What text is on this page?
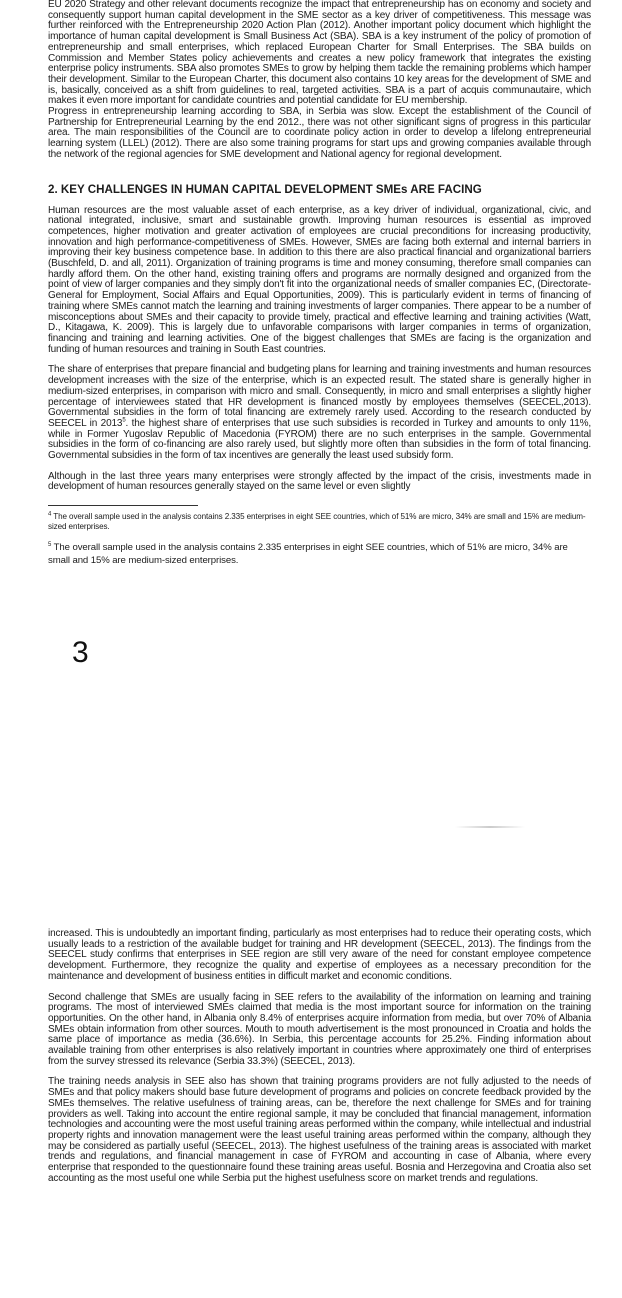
EU 2020 Strategy and other relevant documents recognize the impact that entrepreneurship has on economy and society and consequently support human capital development in the SME sector as a key driver of competitiveness. This message was further reinforced with the Entrepreneurship 2020 Action Plan (2012). Another important policy document which highlight the importance of human capital development is Small Business Act (SBA). SBA is a key instrument of the policy of promotion of entrepreneurship and small enterprises, which replaced European Charter for Small Enterprises. The SBA builds on Commission and Member States policy achievements and creates a new policy framework that integrates the existing enterprise policy instruments. SBA also promotes SMEs to grow by helping them tackle the remaining problems which hamper their development. Similar to the European Charter, this document also contains 10 key areas for the development of SME and is, basically, conceived as a shift from guidelines to real, targeted activities. SBA is a part of acquis communautaire, which makes it even more important for candidate countries and potential candidate for EU membership.

Progress in entrepreneurship learning according to SBA, in Serbia was slow. Except the establishment of the Council of Partnership for Entrepreneurial Learning by the end 2012., there was not other significant signs of progress in this particular area. The main responsibilities of the Council are to coordinate policy action in order to develop a lifelong entrepreneurial learning system (LLEL) (2012). There are also some training programs for start ups and growing companies available through the network of the regional agencies for SME development and National agency for regional development.

2. KEY CHALLENGES IN HUMAN CAPITAL DEVELOPMENT SMEs ARE FACING

Human resources are the most valuable asset of each enterprise, as a key driver of individual, organizational, civic, and national integrated, inclusive, smart and sustainable growth. Improving human resources is essential as improved competences, higher motivation and greater activation of employees are crucial preconditions for increasing productivity, innovation and high performance-competitiveness of SMEs. However, SMEs are facing both external and internal barriers in improving their key business competence base. In addition to this there are also practical financial and organizational barriers (Buschfeld, D. and all, 2011). Organization of training programs is time and money consuming, therefore small companies can hardly afford them. On the other hand, existing training offers and programs are normally designed and organized from the point of view of larger companies and they simply don't fit into the organizational needs of smaller companies EC, (Directorate-General for Employment, Social Affairs and Equal Opportunities, 2009). This is particularly evident in terms of financing of training where SMEs cannot match the learning and training investments of larger companies. There appear to be a number of misconceptions about SMEs and their capacity to provide timely, practical and effective learning and training activities (Watt, D., Kitagawa, K. 2009). This is largely due to unfavorable comparisons with larger companies in terms of organization, financing and training and learning activities. One of the biggest challenges that SMEs are facing is the organization and funding of human resources and training in South East countries.

The share of enterprises that prepare financial and budgeting plans for learning and training investments and human resources development increases with the size of the enterprise, which is an expected result. The stated share is generally higher in medium-sized enterprises, in comparison with micro and small. Consequently, in micro and small enterprises a slightly higher percentage of interviewees stated that HR development is financed mostly by employees themselves (SEECEL,2013). Governmental subsidies in the form of total financing are extremely rarely used. According to the research conducted by SEECEL in 2013$^5$. the highest share of enterprises that use such subsidies is recorded in Turkey and amounts to only 11%, while in Former Yugoslav Republic of Macedonia (FYROM) there are no such enterprises in the sample. Governmental subsidies in the form of co-financing are also rarely used, but slightly more often than subsidies in the form of total financing. Governmental subsidies in the form of tax incentives are generally the least used subsidy form.

Although in the last three years many enterprises were strongly affected by the impact of the crisis, investments made in development of human resources generally stayed on the same level or even slightly

$^4$ The overall sample used in the analysis contains 2.335 enterprises in eight SEE countries, which of 51% are micro, 34% are small and 15% are medium-sized enterprises.

$^5$ The overall sample used in the analysis contains 2.335 enterprises in eight SEE countries, which of 51% are micro, 34% are small and 15% are medium-sized enterprises.

3

increased. This is undoubtedly an important finding, particularly as most enterprises had to reduce their operating costs, which usually leads to a restriction of the available budget for training and HR development (SEECEL, 2013). The findings from the SEECEL study confirms that enterprises in SEE region are still very aware of the need for constant employee competence development. Furthermore, they recognize the quality and expertise of employees as a necessary precondition for the maintenance and development of business entities in difficult market and economic conditions.

Second challenge that SMEs are usually facing in SEE refers to the availability of the information on learning and training programs. The most of interviewed SMEs claimed that media is the most important source for information on the training opportunities. On the other hand, in Albania only 8.4% of enterprises acquire information from media, but over 70% of Albania SMEs obtain information from other sources. Mouth to mouth advertisement is the most pronounced in Croatia and holds the same place of importance as media (36.6%). In Serbia, this percentage accounts for 25.2%. Finding information about available training from other enterprises is also relatively important in countries where approximately one third of enterprises from the survey stressed its relevance (Serbia 33.3%) (SEECEL, 2013).

The training needs analysis in SEE also has shown that training programs providers are not fully adjusted to the needs of SMEs and that policy makers should base future development of programs and policies on concrete feedback provided by the SMEs themselves. The relative usefulness of training areas, can be, therefore the next challenge for SMEs and for training providers as well. Taking into account the entire regional sample, it may be concluded that financial management, information technologies and accounting were the most useful training areas performed within the company, while intellectual and industrial property rights and innovation management were the least useful training areas performed within the company, although they may be considered as partially useful (SEECEL, 2013). The highest usefulness of the training areas is associated with market trends and regulations, and financial management in case of FYROM and accounting in case of Albania, where every enterprise that responded to the questionnaire found these training areas useful. Bosnia and Herzegovina and Croatia also set accounting as the most useful one while Serbia put the highest usefulness score on market trends and regulations.
